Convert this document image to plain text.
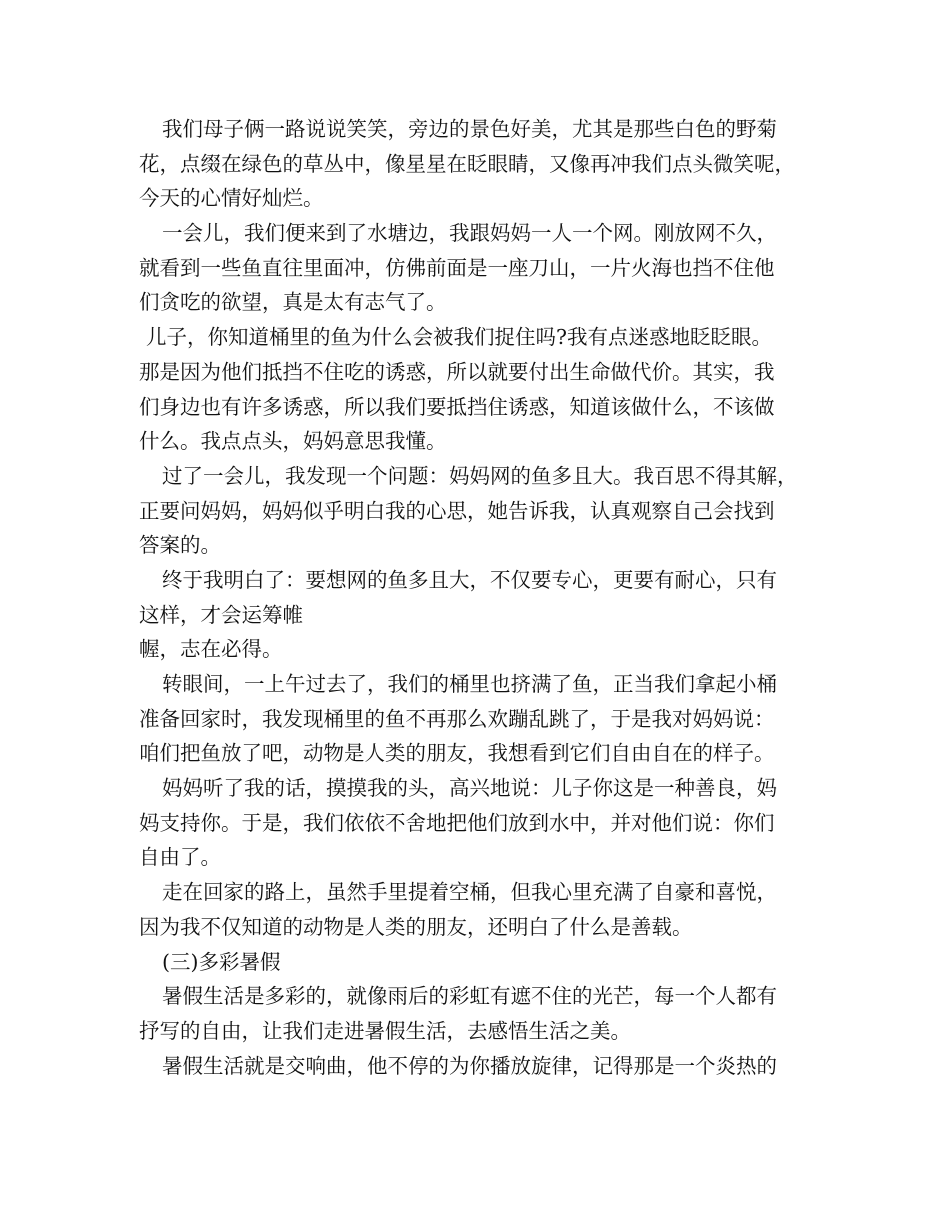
我们母子俩一路说说笑笑，旁边的景色好美，尤其是那些白色的野菊
花，点缀在绿色的草丛中，像星星在眨眼睛，又像再冲我们点头微笑呢，
今天的心情好灿烂。
一会儿，我们便来到了水塘边，我跟妈妈一人一个网。刚放网不久，
就看到一些鱼直往里面冲，仿佛前面是一座刀山，一片火海也挡不住他
们贪吃的欲望，真是太有志气了。
儿子，你知道桶里的鱼为什么会被我们捉住吗?我有点迷惑地眨眨眼。
那是因为他们抵挡不住吃的诱惑，所以就要付出生命做代价。其实，我
们身边也有许多诱惑，所以我们要抵挡住诱惑，知道该做什么，不该做
什么。我点点头，妈妈意思我懂。
过了一会儿，我发现一个问题：妈妈网的鱼多且大。我百思不得其解，
正要问妈妈，妈妈似乎明白我的心思，她告诉我，认真观察自己会找到
答案的。
终于我明白了：要想网的鱼多且大，不仅要专心，更要有耐心，只有
这样，才会运筹帷
幄，志在必得。
转眼间，一上午过去了，我们的桶里也挤满了鱼，正当我们拿起小桶
准备回家时，我发现桶里的鱼不再那么欢蹦乱跳了，于是我对妈妈说：
咱们把鱼放了吧，动物是人类的朋友，我想看到它们自由自在的样子。
妈妈听了我的话，摸摸我的头，高兴地说：儿子你这是一种善良，妈
妈支持你。于是，我们依依不舍地把他们放到水中，并对他们说：你们
自由了。
走在回家的路上，虽然手里提着空桶，但我心里充满了自豪和喜悦，
因为我不仅知道的动物是人类的朋友，还明白了什么是善载。
(三)多彩暑假
暑假生活是多彩的，就像雨后的彩虹有遮不住的光芒，每一个人都有
抒写的自由，让我们走进暑假生活，去感悟生活之美。
暑假生活就是交响曲，他不停的为你播放旋律，记得那是一个炎热的
